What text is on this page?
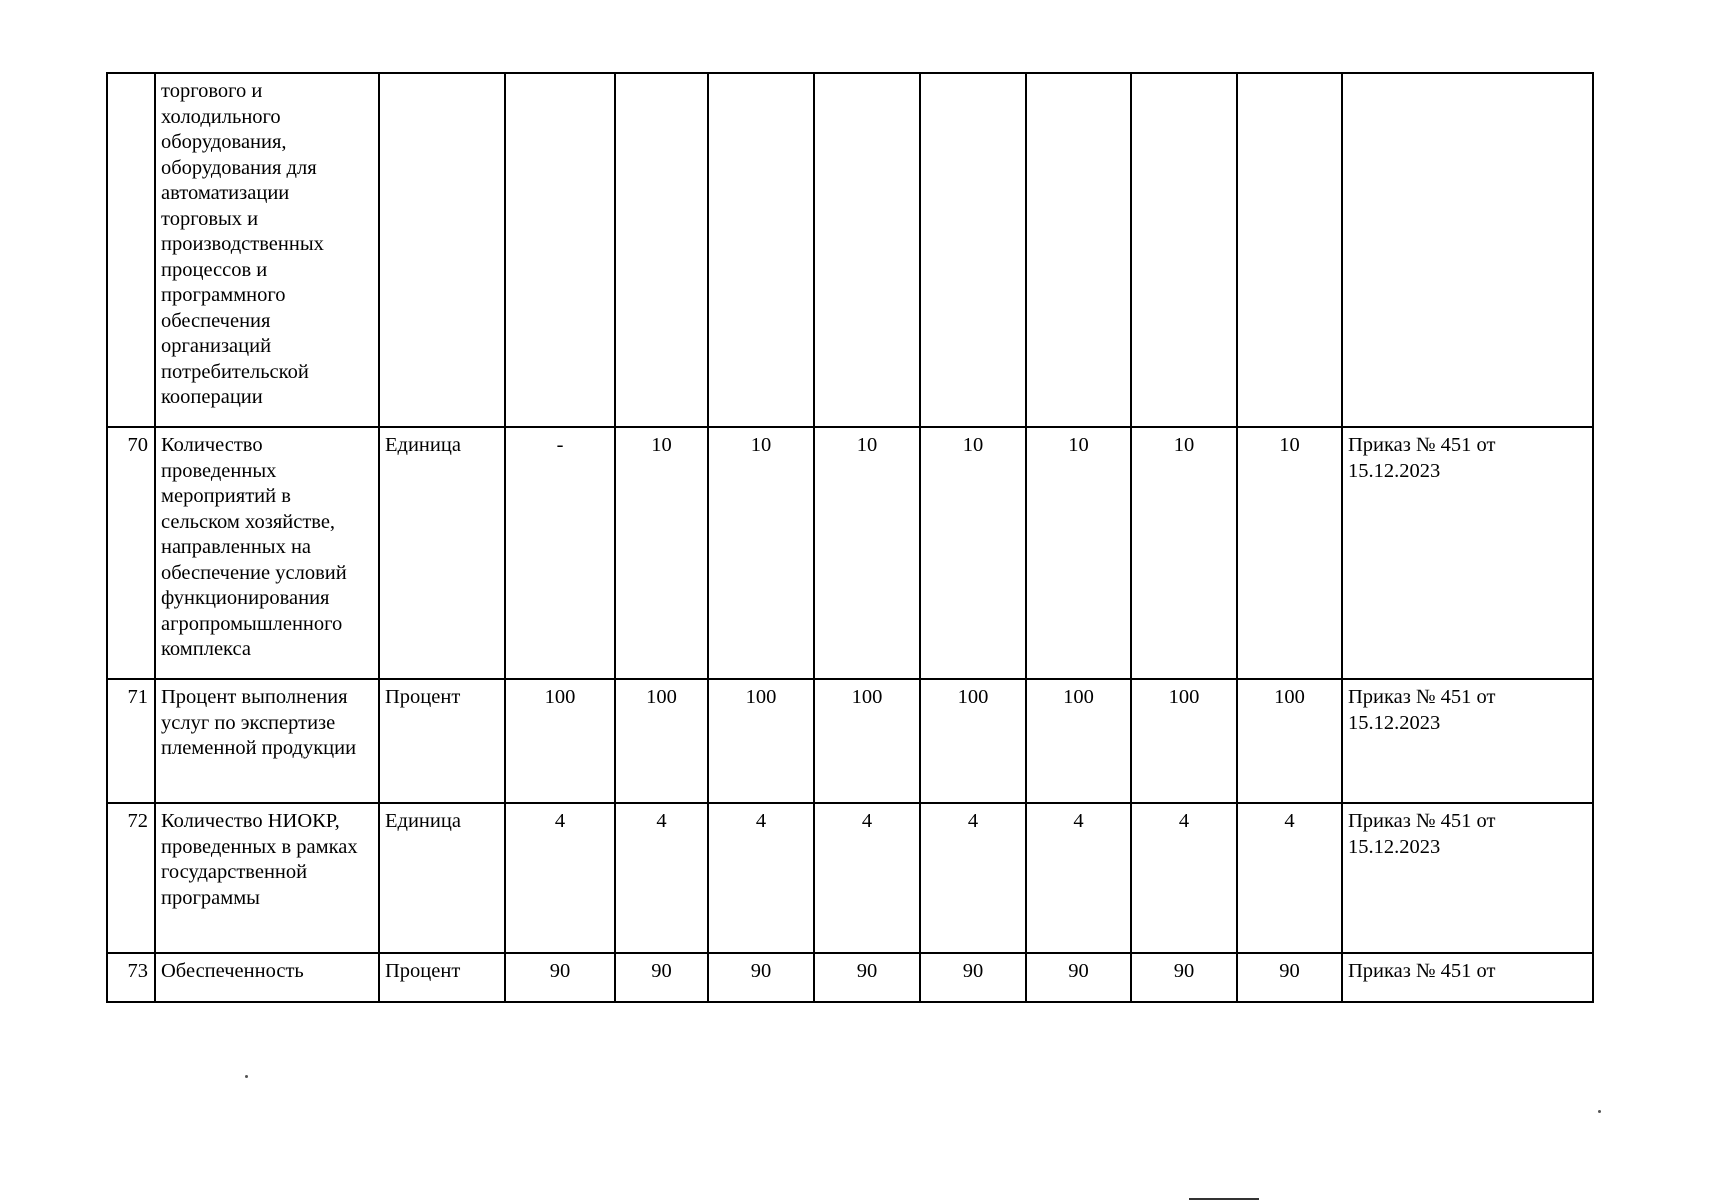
	торгового и холодильного оборудования, оборудования для автоматизации торговых и производственных процессов и программного обеспечения организаций потребительской кооперации										
70	Количество проведенных мероприятий в сельском хозяйстве, направленных на обеспечение условий функционирования агропромышленного комплекса	Единица	-	10	10	10	10	10	10	10	Приказ № 451 от 15.12.2023
71	Процент выполнения услуг по экспертизе племенной продукции	Процент	100	100	100	100	100	100	100	100	Приказ № 451 от 15.12.2023
72	Количество НИОКР, проведенных в рамках государственной программы	Единица	4	4	4	4	4	4	4	4	Приказ № 451 от 15.12.2023
73	Обеспеченность	Процент	90	90	90	90	90	90	90	90	Приказ № 451 от
